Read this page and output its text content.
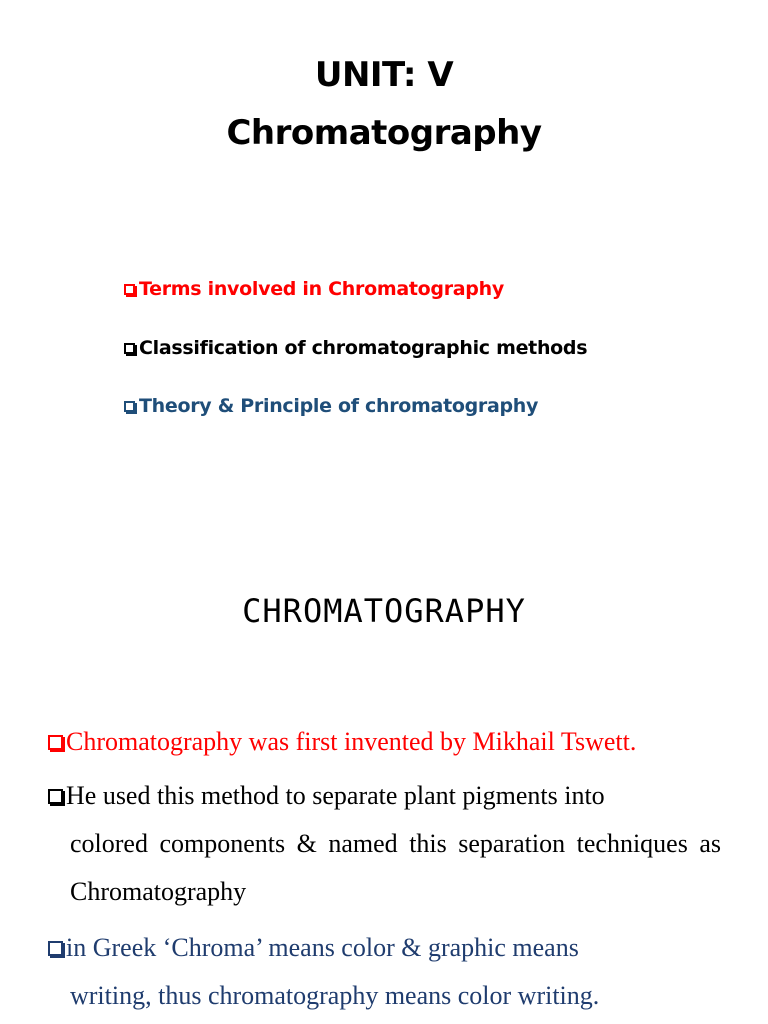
UNIT: V
Chromatography
Terms involved in Chromatography
Classification of chromatographic methods
Theory & Principle of chromatography
CHROMATOGRAPHY
Chromatography was first invented by Mikhail Tswett.
He used this method to separate plant pigments into
colored components & named this separation techniques as Chromatography
in Greek ‘Chroma’ means color & graphic means
writing, thus chromatography means color writing.
